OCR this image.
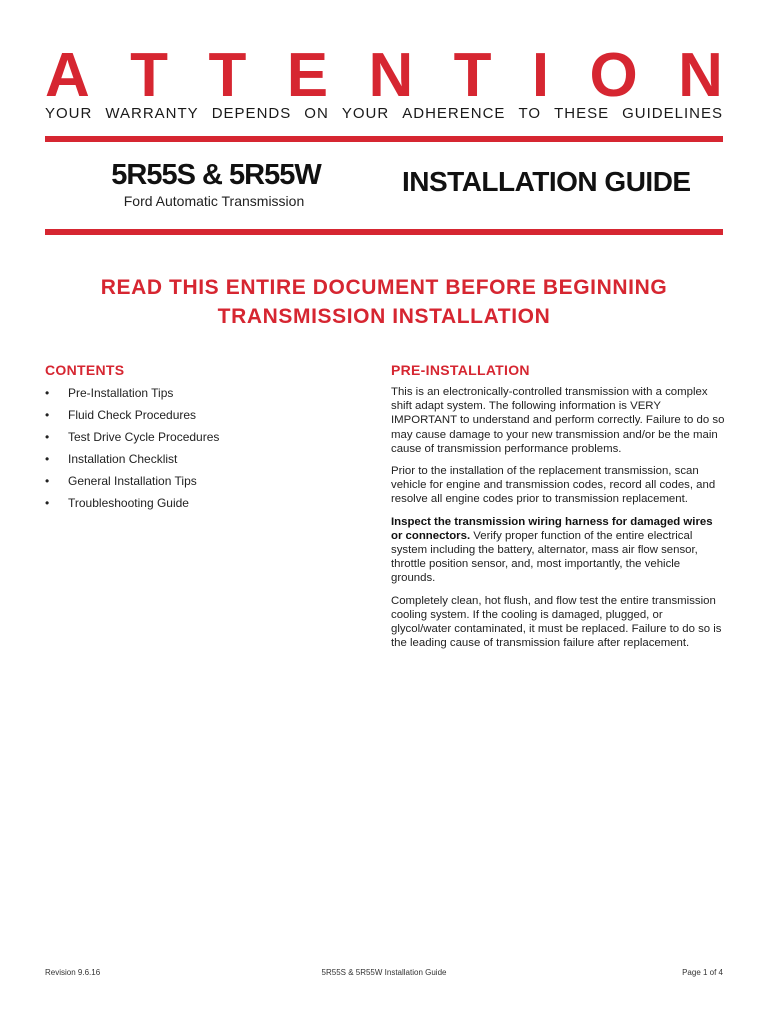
A T T E N T I O N
YOUR WARRANTY DEPENDS ON YOUR ADHERENCE TO THESE GUIDELINES
5R55S & 5R55W
Ford Automatic Transmission
INSTALLATION GUIDE
READ THIS ENTIRE DOCUMENT BEFORE BEGINNING
TRANSMISSION INSTALLATION
CONTENTS
•	Pre-Installation Tips
•	Fluid Check Procedures
•	Test Drive Cycle Procedures
•	Installation Checklist
•	General Installation Tips
•	Troubleshooting Guide
PRE-INSTALLATION

This is an electronically-controlled transmission with a complex shift adapt system. The following information is VERY IMPORTANT to understand and perform correctly. Failure to do so may cause damage to your new transmission and/or be the main cause of transmission performance problems.

Prior to the installation of the replacement transmission, scan vehicle for engine and transmission codes, record all codes, and resolve all engine codes prior to transmission replacement.

Inspect the transmission wiring harness for damaged wires or connectors. Verify proper function of the entire electrical system including the battery, alternator, mass air flow sensor, throttle position sensor, and, most importantly, the vehicle grounds.

Completely clean, hot flush, and flow test the entire transmission cooling system. If the cooling is damaged, plugged, or glycol/water contaminated, it must be replaced. Failure to do so is the leading cause of transmission failure after replacement.

Revision 9.6.16	5R55S & 5R55W Installation Guide	Page 1 of 4
